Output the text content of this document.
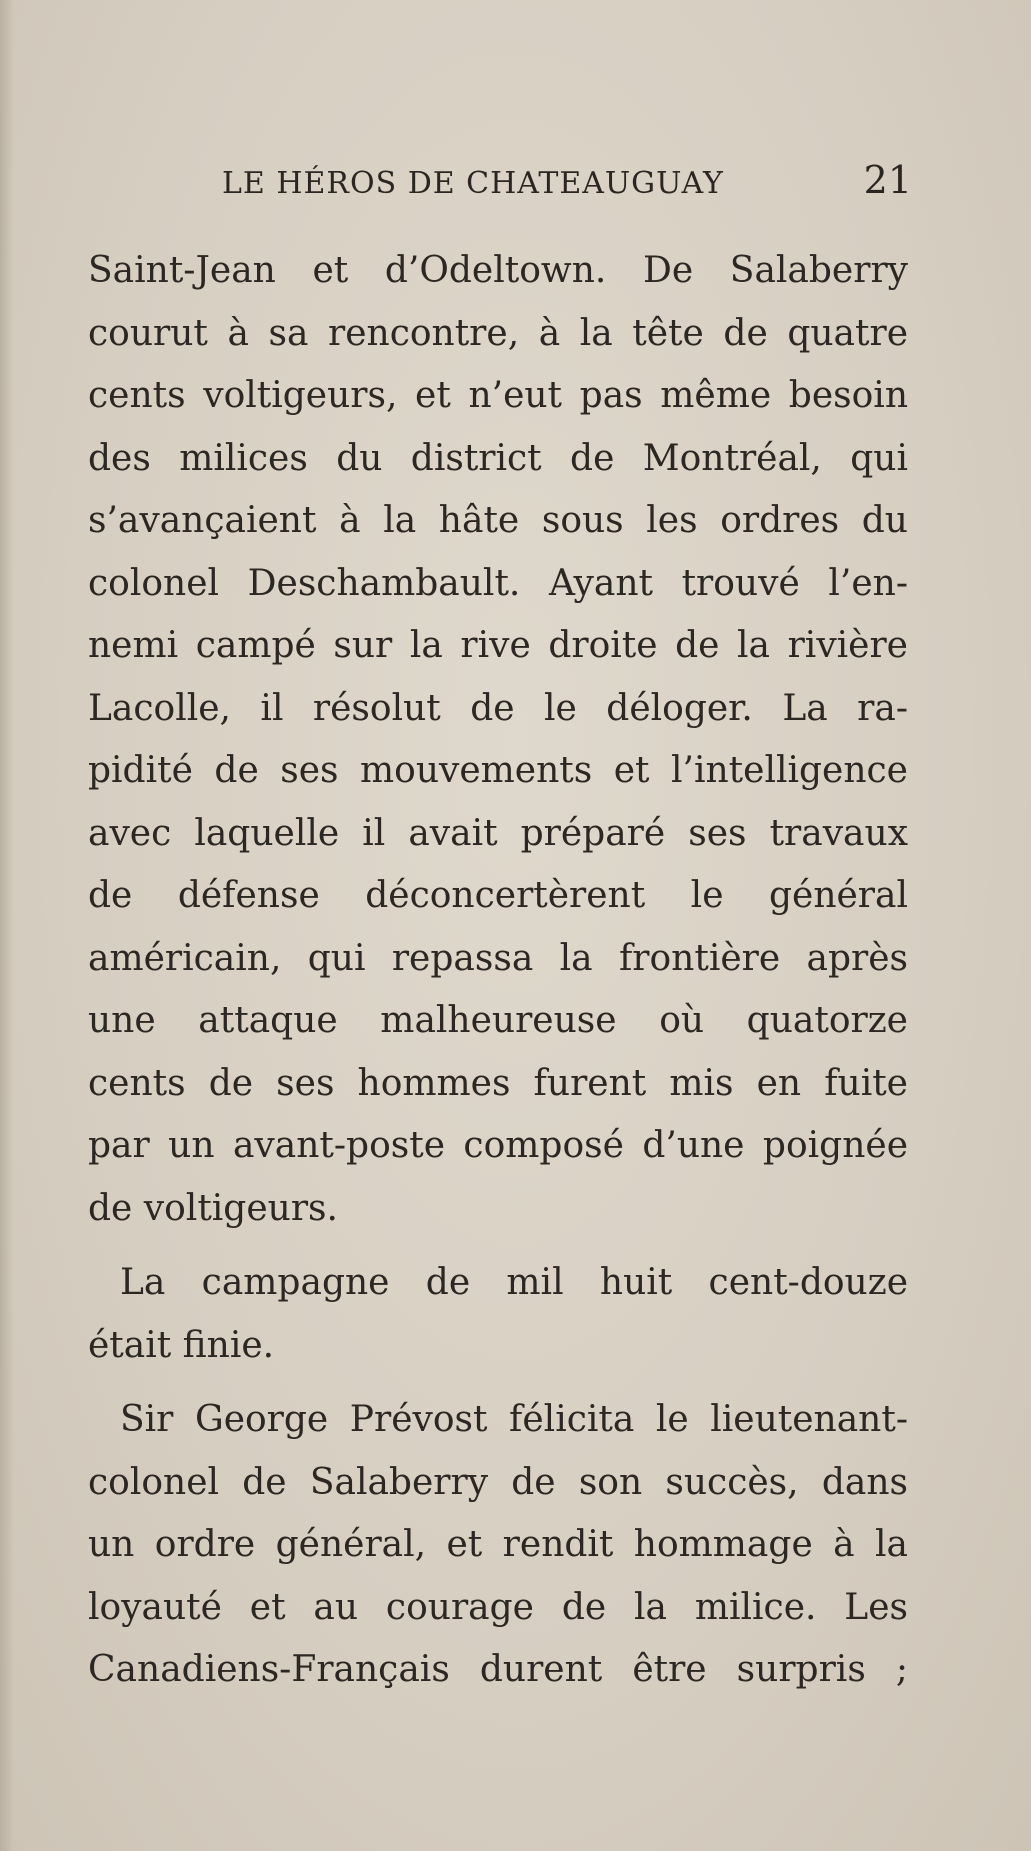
LE HÉROS DE CHATEAUGUAY	21
Saint-Jean et d’Odeltown. De Salaberry
courut à sa rencontre, à la tête de quatre
cents voltigeurs, et n’eut pas même besoin
des milices du district de Montréal, qui
s’avançaient à la hâte sous les ordres du
colonel Deschambault. Ayant trouvé l’en-
nemi campé sur la rive droite de la rivière
Lacolle, il résolut de le déloger. La ra-
pidité de ses mouvements et l’intelligence
avec laquelle il avait préparé ses travaux
de défense déconcertèrent le général
américain, qui repassa la frontière après
une attaque malheureuse où quatorze
cents de ses hommes furent mis en fuite
par un avant-poste composé d’une poignée
de voltigeurs.
La campagne de mil huit cent-douze
était finie.
Sir George Prévost félicita le lieutenant-
colonel de Salaberry de son succès, dans
un ordre général, et rendit hommage à la
loyauté et au courage de la milice. Les
Canadiens-Français durent être surpris ;
